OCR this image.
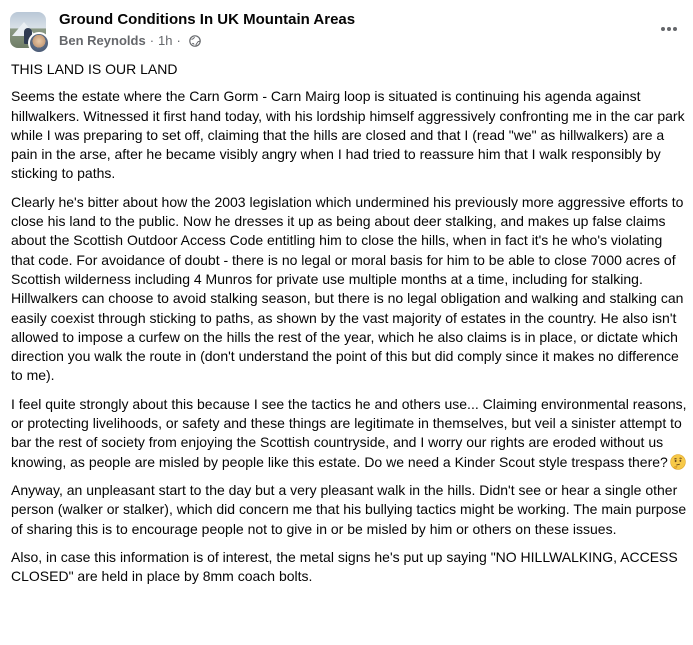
Ground Conditions In UK Mountain Areas
Ben Reynolds · 1h ·

THIS LAND IS OUR LAND

Seems the estate where the Carn Gorm - Carn Mairg loop is situated is continuing his agenda against hillwalkers. Witnessed it first hand today, with his lordship himself aggressively confronting me in the car park while I was preparing to set off, claiming that the hills are closed and that I (read "we" as hillwalkers) are a pain in the arse, after he became visibly angry when I had tried to reassure him that I walk responsibly by sticking to paths.

Clearly he's bitter about how the 2003 legislation which undermined his previously more aggressive efforts to close his land to the public. Now he dresses it up as being about deer stalking, and makes up false claims about the Scottish Outdoor Access Code entitling him to close the hills, when in fact it's he who's violating that code. For avoidance of doubt - there is no legal or moral basis for him to be able to close 7000 acres of Scottish wilderness including 4 Munros for private use multiple months at a time, including for stalking. Hillwalkers can choose to avoid stalking season, but there is no legal obligation and walking and stalking can easily coexist through sticking to paths, as shown by the vast majority of estates in the country. He also isn't allowed to impose a curfew on the hills the rest of the year, which he also claims is in place, or dictate which direction you walk the route in (don't understand the point of this but did comply since it makes no difference to me).

I feel quite strongly about this because I see the tactics he and others use... Claiming environmental reasons, or protecting livelihoods, or safety and these things are legitimate in themselves, but veil a sinister attempt to bar the rest of society from enjoying the Scottish countryside, and I worry our rights are eroded without us knowing, as people are misled by people like this estate. Do we need a Kinder Scout style trespass there?

Anyway, an unpleasant start to the day but a very pleasant walk in the hills. Didn't see or hear a single other person (walker or stalker), which did concern me that his bullying tactics might be working. The main purpose of sharing this is to encourage people not to give in or be misled by him or others on these issues.

Also, in case this information is of interest, the metal signs he's put up saying "NO HILLWALKING, ACCESS CLOSED" are held in place by 8mm coach bolts.
